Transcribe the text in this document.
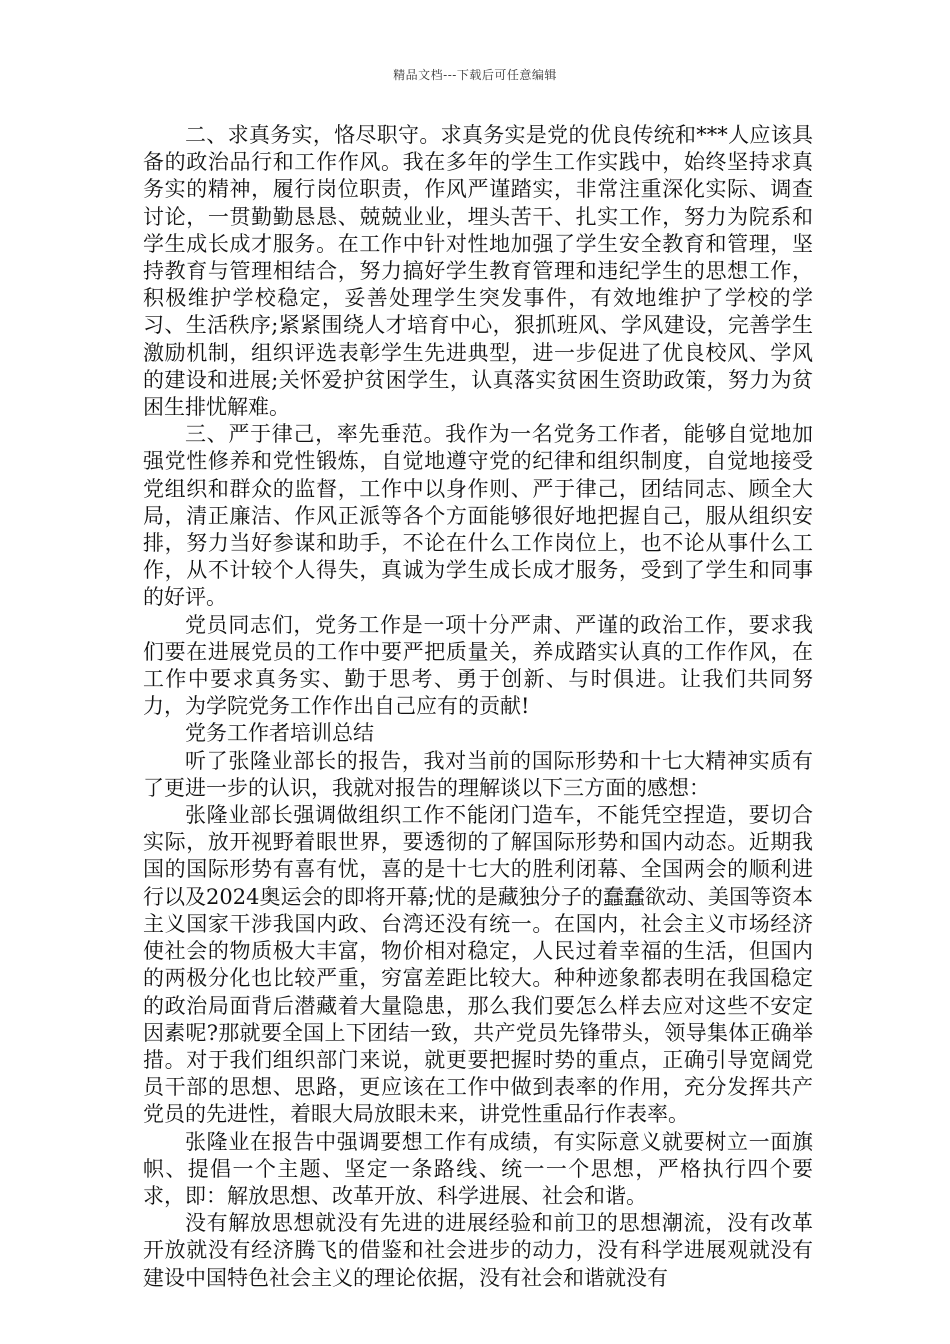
精品文档---下载后可任意编辑

二、求真务实，恪尽职守。求真务实是党的优良传统和***人应该具备的政治品行和工作作风。我在多年的学生工作实践中，始终坚持求真务实的精神，履行岗位职责，作风严谨踏实，非常注重深化实际、调查讨论，一贯勤勤恳恳、兢兢业业，埋头苦干、扎实工作，努力为院系和学生成长成才服务。在工作中针对性地加强了学生安全教育和管理，坚持教育与管理相结合，努力搞好学生教育管理和违纪学生的思想工作，积极维护学校稳定，妥善处理学生突发事件，有效地维护了学校的学习、生活秩序;紧紧围绕人才培育中心，狠抓班风、学风建设，完善学生激励机制，组织评选表彰学生先进典型，进一步促进了优良校风、学风的建设和进展;关怀爱护贫困学生，认真落实贫困生资助政策，努力为贫困生排忧解难。

三、严于律己，率先垂范。我作为一名党务工作者，能够自觉地加强党性修养和党性锻炼，自觉地遵守党的纪律和组织制度，自觉地接受党组织和群众的监督，工作中以身作则、严于律己，团结同志、顾全大局，清正廉洁、作风正派等各个方面能够很好地把握自己，服从组织安排，努力当好参谋和助手，不论在什么工作岗位上，也不论从事什么工作，从不计较个人得失，真诚为学生成长成才服务，受到了学生和同事的好评。

党员同志们，党务工作是一项十分严肃、严谨的政治工作，要求我们要在进展党员的工作中要严把质量关，养成踏实认真的工作作风，在工作中要求真务实、勤于思考、勇于创新、与时俱进。让我们共同努力，为学院党务工作作出自己应有的贡献!

党务工作者培训总结

听了张隆业部长的报告，我对当前的国际形势和十七大精神实质有了更进一步的认识，我就对报告的理解谈以下三方面的感想：

张隆业部长强调做组织工作不能闭门造车，不能凭空捏造，要切合实际，放开视野着眼世界，要透彻的了解国际形势和国内动态。近期我国的国际形势有喜有忧，喜的是十七大的胜利闭幕、全国两会的顺利进行以及2024奥运会的即将开幕;忧的是藏独分子的蠢蠢欲动、美国等资本主义国家干涉我国内政、台湾还没有统一。在国内，社会主义市场经济使社会的物质极大丰富，物价相对稳定，人民过着幸福的生活，但国内的两极分化也比较严重，穷富差距比较大。种种迹象都表明在我国稳定的政治局面背后潜藏着大量隐患，那么我们要怎么样去应对这些不安定因素呢?那就要全国上下团结一致，共产党员先锋带头，领导集体正确举措。对于我们组织部门来说，就更要把握时势的重点，正确引导宽阔党员干部的思想、思路，更应该在工作中做到表率的作用，充分发挥共产党员的先进性，着眼大局放眼未来，讲党性重品行作表率。

张隆业在报告中强调要想工作有成绩，有实际意义就要树立一面旗帜、提倡一个主题、坚定一条路线、统一一个思想，严格执行四个要求，即：解放思想、改革开放、科学进展、社会和谐。

没有解放思想就没有先进的进展经验和前卫的思想潮流，没有改革开放就没有经济腾飞的借鉴和社会进步的动力，没有科学进展观就没有建设中国特色社会主义的理论依据，没有社会和谐就没有
